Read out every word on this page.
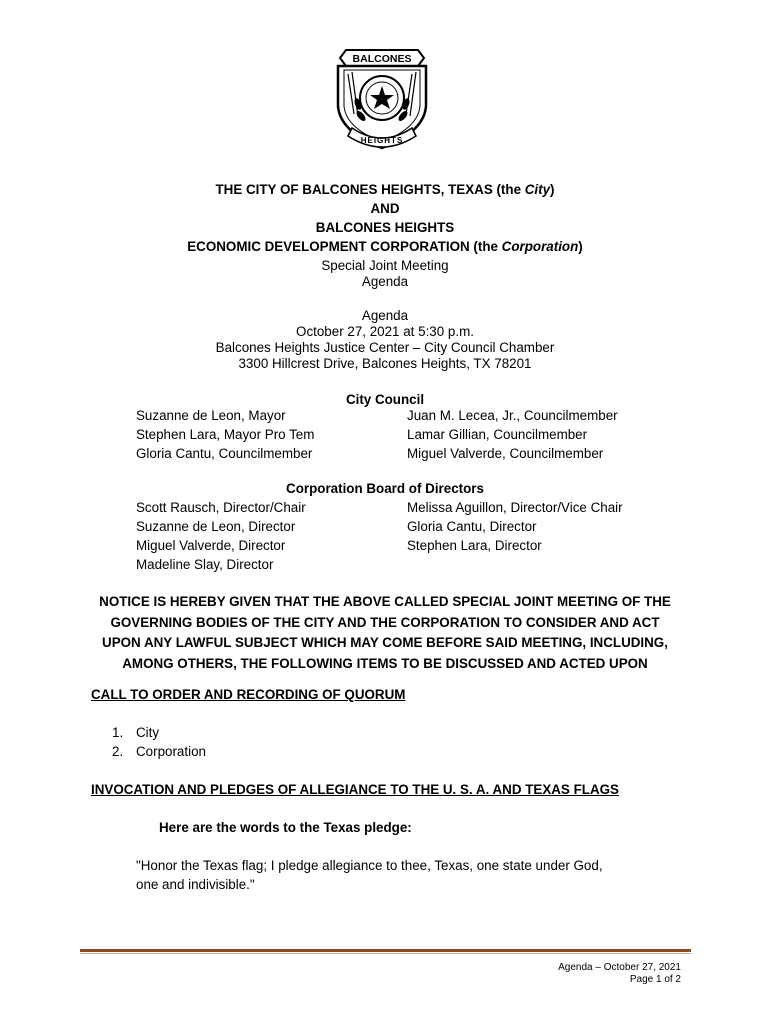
BALCONES
HEIGHTS
THE CITY OF BALCONES HEIGHTS, TEXAS (the City)
AND
BALCONES HEIGHTS
ECONOMIC DEVELOPMENT CORPORATION (the Corporation)
Special Joint Meeting
Agenda
Agenda
October 27, 2021 at 5:30 p.m.
Balcones Heights Justice Center – City Council Chamber
3300 Hillcrest Drive, Balcones Heights, TX 78201
City Council
Suzanne de Leon, Mayor
Stephen Lara, Mayor Pro Tem
Gloria Cantu, Councilmember
Juan M. Lecea, Jr., Councilmember
Lamar Gillian, Councilmember
Miguel Valverde, Councilmember
Corporation Board of Directors
Scott Rausch, Director/Chair
Suzanne de Leon, Director
Miguel Valverde, Director
Madeline Slay, Director
Melissa Aguillon, Director/Vice Chair
Gloria Cantu, Director
Stephen Lara, Director
NOTICE IS HEREBY GIVEN THAT THE ABOVE CALLED SPECIAL JOINT MEETING OF THE
GOVERNING BODIES OF THE CITY AND THE CORPORATION TO CONSIDER AND ACT
UPON ANY LAWFUL SUBJECT WHICH MAY COME BEFORE SAID MEETING, INCLUDING,
AMONG OTHERS, THE FOLLOWING ITEMS TO BE DISCUSSED AND ACTED UPON
CALL TO ORDER AND RECORDING OF QUORUM
1. City
2. Corporation
INVOCATION AND PLEDGES OF ALLEGIANCE TO THE U. S. A. AND TEXAS FLAGS
Here are the words to the Texas pledge:
"Honor the Texas flag; I pledge allegiance to thee, Texas, one state under God,
one and indivisible."
Agenda – October 27, 2021
Page 1 of 2
